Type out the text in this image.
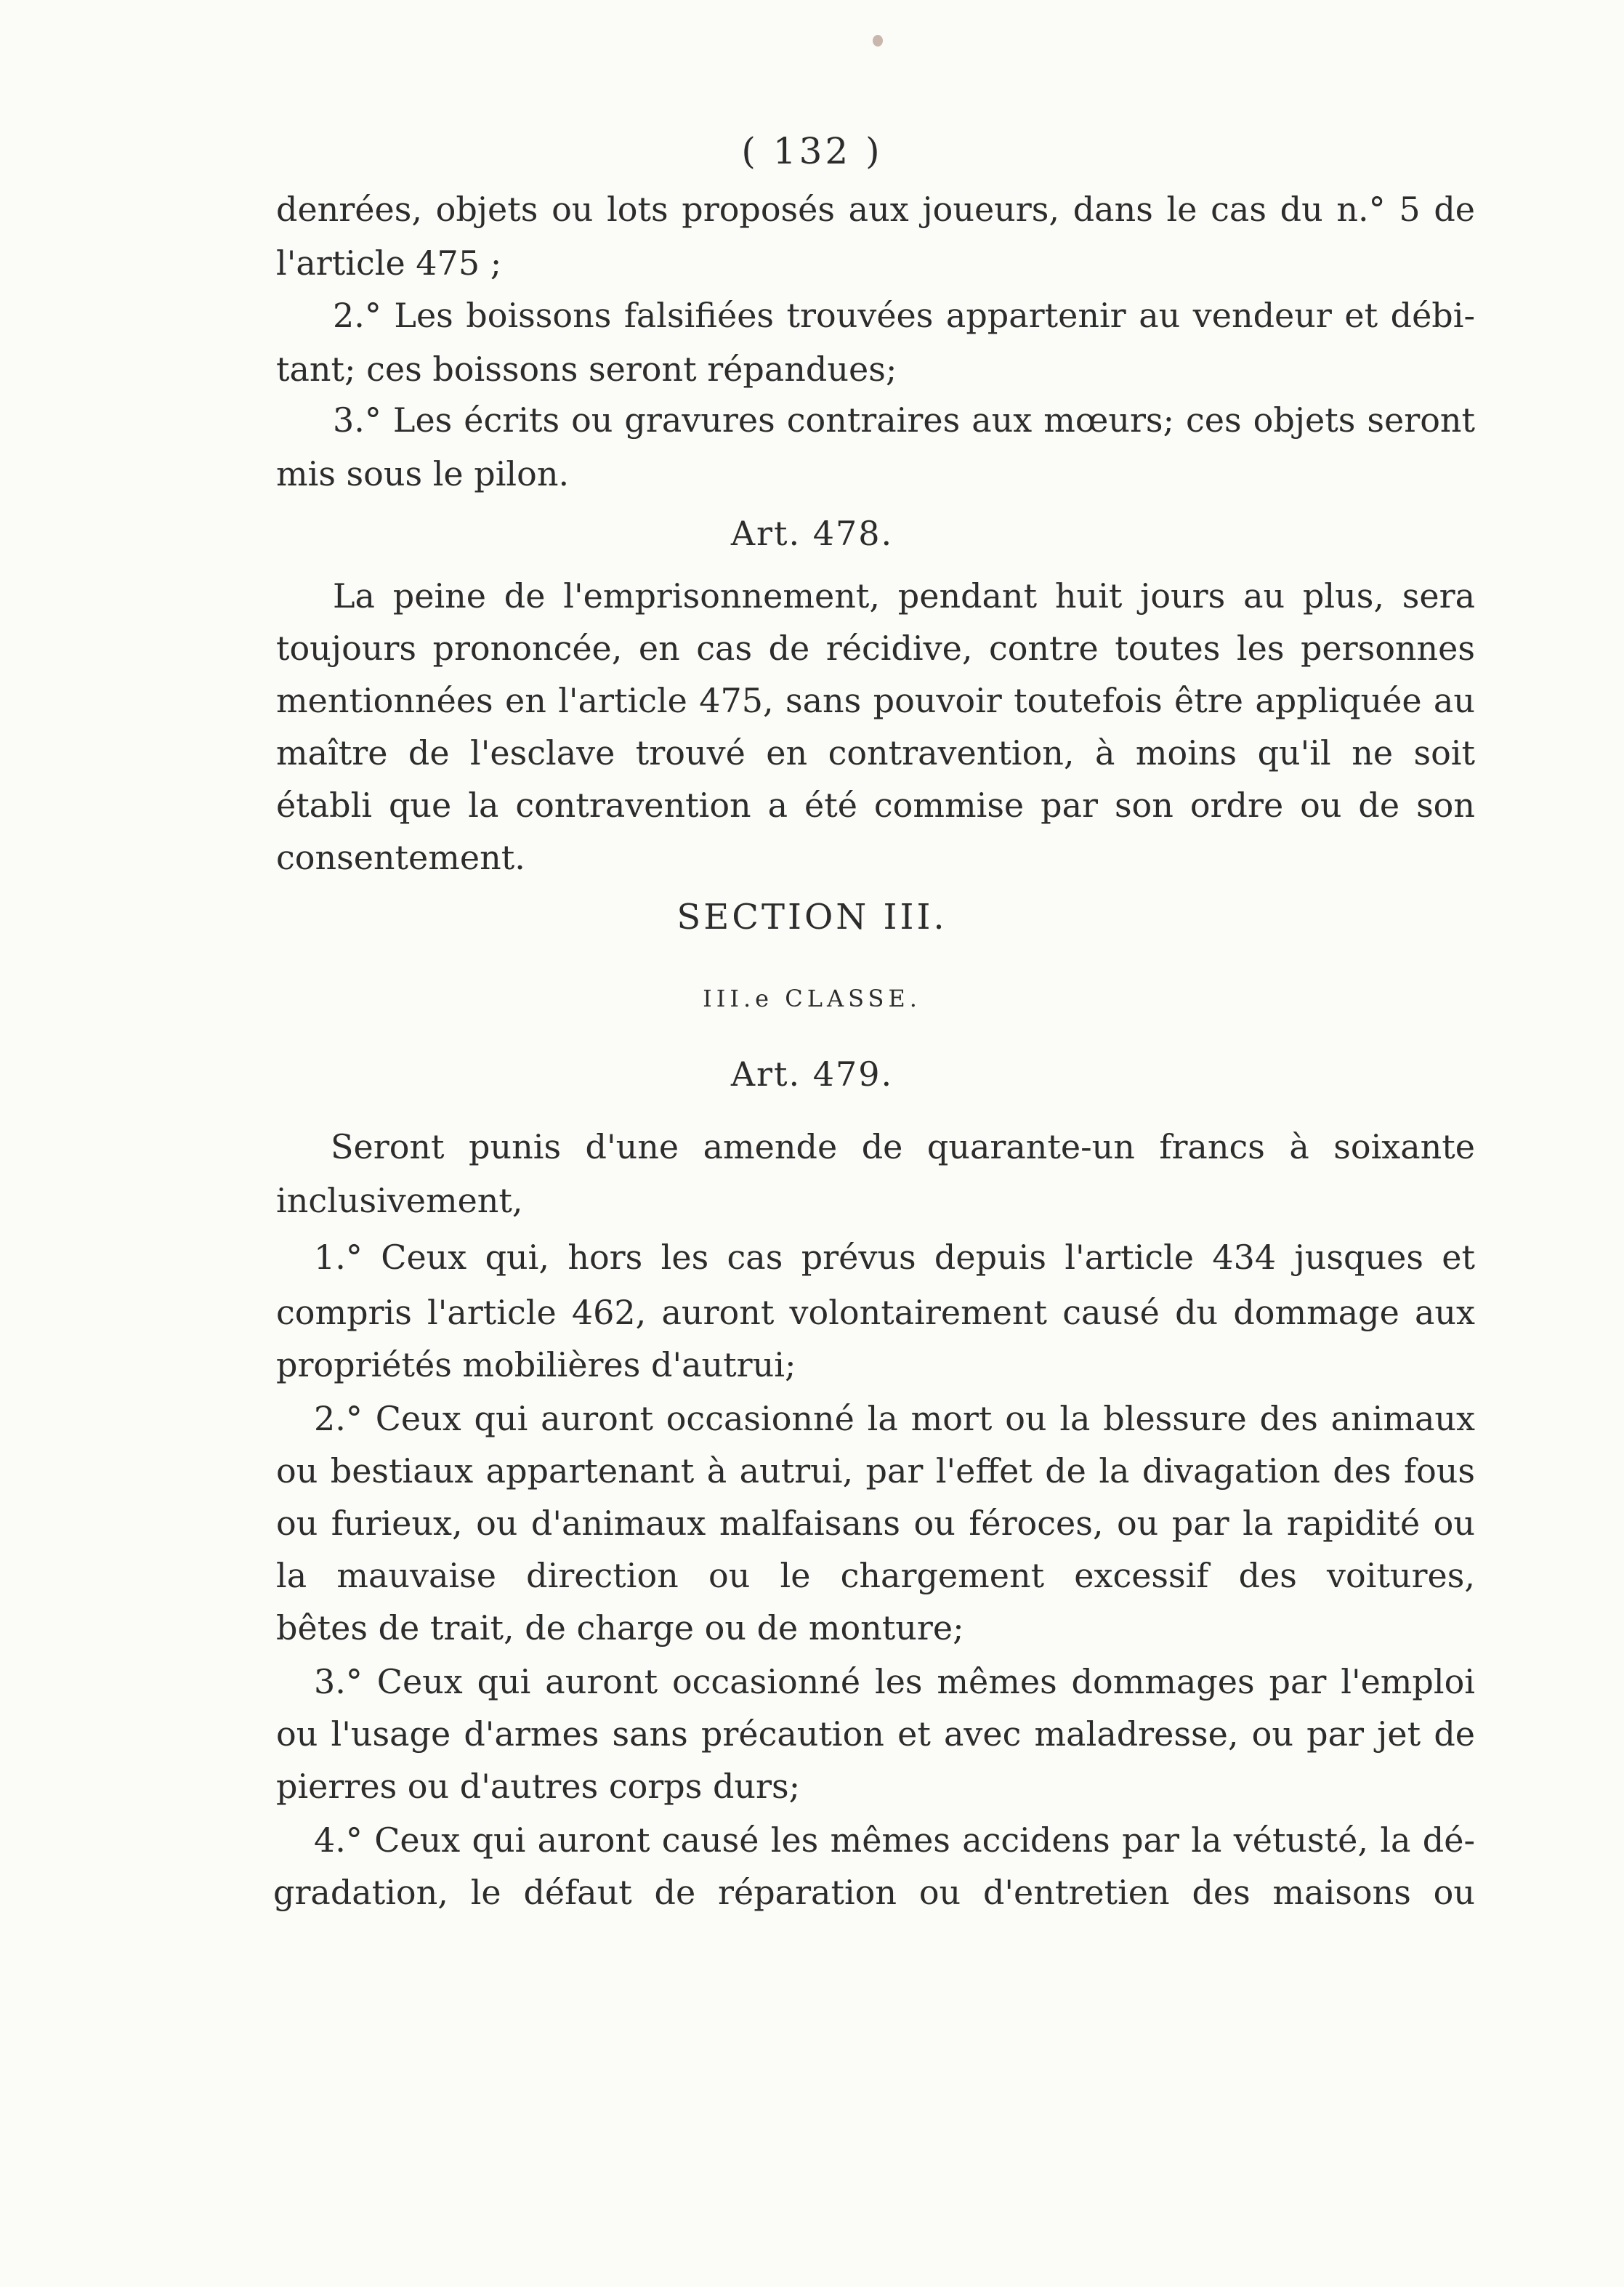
( 132 )
denrées, objets ou lots proposés aux joueurs, dans le cas du n.° 5 de
l'article 475 ;
2.° Les boissons falsifiées trouvées appartenir au vendeur et débi-
tant; ces boissons seront répandues;
3.° Les écrits ou gravures contraires aux mœurs; ces objets seront
mis sous le pilon.
Art. 478.
La peine de l'emprisonnement, pendant huit jours au plus, sera
toujours prononcée, en cas de récidive, contre toutes les personnes
mentionnées en l'article 475, sans pouvoir toutefois être appliquée au
maître de l'esclave trouvé en contravention, à moins qu'il ne soit
établi que la contravention a été commise par son ordre ou de son
consentement.
SECTION III.
III.e CLASSE.
Art. 479.
Seront punis d'une amende de quarante-un francs à soixante
inclusivement,
1.° Ceux qui, hors les cas prévus depuis l'article 434 jusques et
compris l'article 462, auront volontairement causé du dommage aux
propriétés mobilières d'autrui;
2.° Ceux qui auront occasionné la mort ou la blessure des animaux
ou bestiaux appartenant à autrui, par l'effet de la divagation des fous
ou furieux, ou d'animaux malfaisans ou féroces, ou par la rapidité ou
la mauvaise direction ou le chargement excessif des voitures,
bêtes de trait, de charge ou de monture;
3.° Ceux qui auront occasionné les mêmes dommages par l'emploi
ou l'usage d'armes sans précaution et avec maladresse, ou par jet de
pierres ou d'autres corps durs;
4.° Ceux qui auront causé les mêmes accidens par la vétusté, la dé-
gradation, le défaut de réparation ou d'entretien des maisons ou
